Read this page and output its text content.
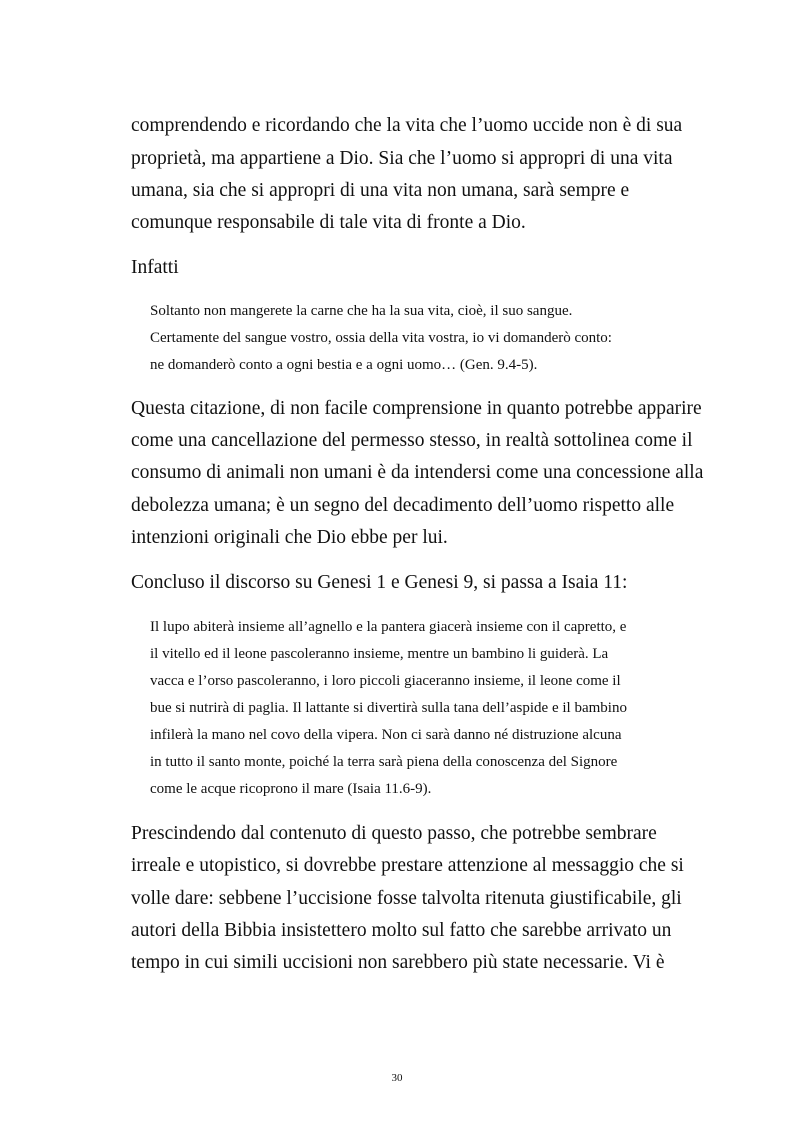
comprendendo e ricordando che la vita che l’uomo uccide non è di sua
proprietà, ma appartiene a Dio. Sia che l’uomo si appropri di una vita
umana, sia che si appropri di una vita non umana, sarà sempre e
comunque responsabile di tale vita di fronte a Dio.
Infatti
Soltanto non mangerete la carne che ha la sua vita, cioè, il suo sangue.
Certamente del sangue vostro, ossia della vita vostra, io vi domanderò conto:
ne domanderò conto a ogni bestia e a ogni uomo… (Gen. 9.4-5).
Questa citazione, di non facile comprensione in quanto potrebbe apparire
come una cancellazione del permesso stesso, in realtà sottolinea come il
consumo di animali non umani è da intendersi come una concessione alla
debolezza umana; è un segno del decadimento dell’uomo rispetto alle
intenzioni originali che Dio ebbe per lui.
Concluso il discorso su Genesi 1 e Genesi 9, si passa a Isaia 11:
Il lupo abiterà insieme all’agnello e la pantera giacerà insieme con il capretto, e
il vitello ed il leone pascoleranno insieme, mentre un bambino li guiderà. La
vacca e l’orso pascoleranno, i loro piccoli giaceranno insieme, il leone come il
bue si nutrirà di paglia. Il lattante si divertirà sulla tana dell’aspide e il bambino
infilerà la mano nel covo della vipera. Non ci sarà danno né distruzione alcuna
in tutto il santo monte, poiché la terra sarà piena della conoscenza del Signore
come le acque ricoprono il mare (Isaia 11.6-9).
Prescindendo dal contenuto di questo passo, che potrebbe sembrare
irreale e utopistico, si dovrebbe prestare attenzione al messaggio che si
volle dare: sebbene l’uccisione fosse talvolta ritenuta giustificabile, gli
autori della Bibbia insistettero molto sul fatto che sarebbe arrivato un
tempo in cui simili uccisioni non sarebbero più state necessarie. Vi è
30
